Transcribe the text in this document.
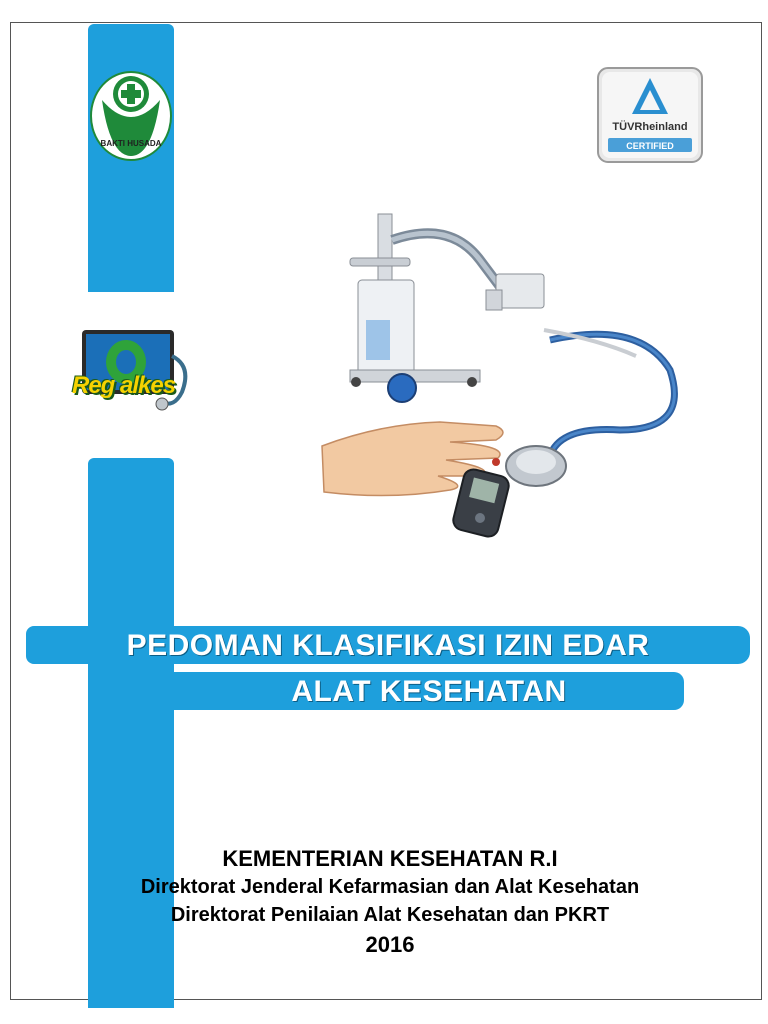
BAKTI HUSADA
TÜVRheinland
CERTIFIED
Reg alkes
PEDOMAN KLASIFIKASI IZIN EDAR
ALAT KESEHATAN
KEMENTERIAN KESEHATAN R.I
Direktorat Jenderal Kefarmasian dan Alat Kesehatan
Direktorat Penilaian Alat Kesehatan dan PKRT
2016
